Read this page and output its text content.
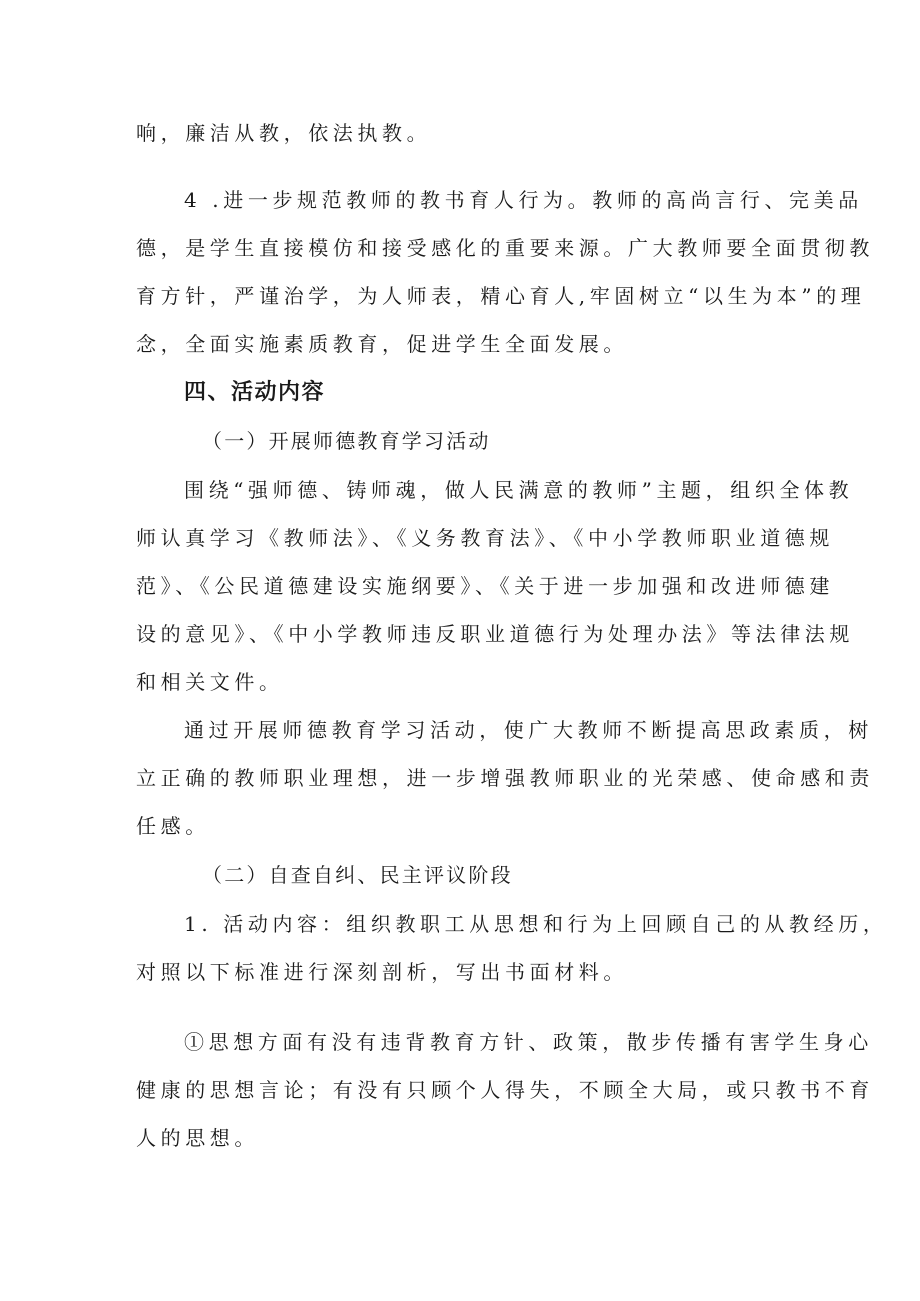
响，廉洁从教，依法执教。
4 .进一步规范教师的教书育人行为。教师的高尚言行、完美品
德，是学生直接模仿和接受感化的重要来源。广大教师要全面贯彻教
育方针，严谨治学，为人师表，精心育人,牢固树立“以生为本”的理
念，全面实施素质教育，促进学生全面发展。
四、活动内容
（一）开展师德教育学习活动
围绕“强师德、铸师魂，做人民满意的教师”主题，组织全体教
师认真学习《教师法》、《义务教育法》、《中小学教师职业道德规
范》、《公民道德建设实施纲要》、《关于进一步加强和改进师德建
设的意见》、《中小学教师违反职业道德行为处理办法》等法律法规
和相关文件。
通过开展师德教育学习活动，使广大教师不断提高思政素质，树
立正确的教师职业理想，进一步增强教师职业的光荣感、使命感和责
任感。
（二）自查自纠、民主评议阶段
1. 活动内容：组织教职工从思想和行为上回顾自己的从教经历，
对照以下标准进行深刻剖析，写出书面材料。
①思想方面有没有违背教育方针、政策，散步传播有害学生身心
健康的思想言论；有没有只顾个人得失，不顾全大局，或只教书不育
人的思想。
